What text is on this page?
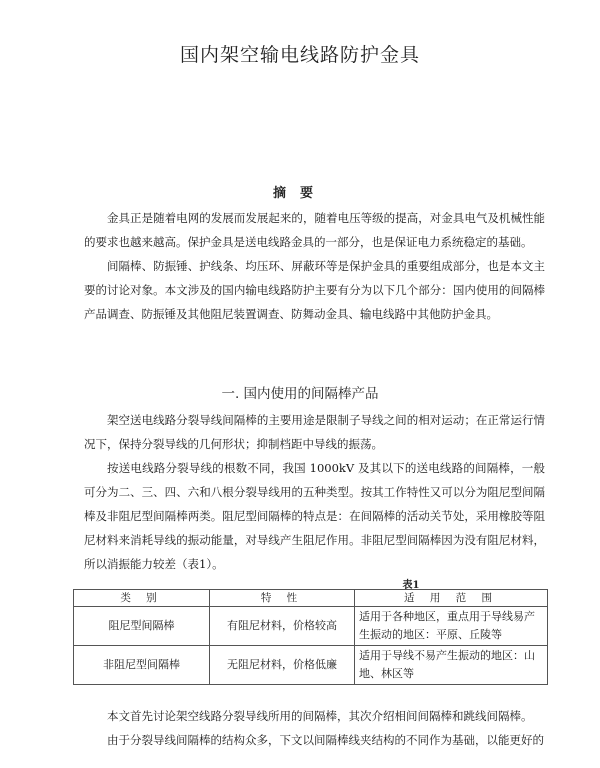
国内架空输电线路防护金具
摘要

金具正是随着电网的发展而发展起来的，随着电压等级的提高，对金具电气及机械性能的要求也越来越高。保护金具是送电线路金具的一部分，也是保证电力系统稳定的基础。

间隔棒、防振锤、护线条、均压环、屏蔽环等是保护金具的重要组成部分，也是本文主要的讨论对象。本文涉及的国内输电线路防护主要有分为以下几个部分：国内使用的间隔棒产品调查、防振锤及其他阻尼装置调查、防舞动金具、输电线路中其他防护金具。

一. 国内使用的间隔棒产品

架空送电线路分裂导线间隔棒的主要用途是限制子导线之间的相对运动；在正常运行情况下，保持分裂导线的几何形状；抑制档距中导线的振荡。

按送电线路分裂导线的根数不同，我国 1000kV 及其以下的送电线路的间隔棒，一般可分为二、三、四、六和八根分裂导线用的五种类型。按其工作特性又可以分为阻尼型间隔棒及非阻尼型间隔棒两类。阻尼型间隔棒的特点是：在间隔棒的活动关节处，采用橡胶等阻尼材料来消耗导线的振动能量，对导线产生阻尼作用。非阻尼型间隔棒因为没有阻尼材料，所以消振能力较差（表1）。

表1
类 别	特 性	适 用 范 围
阻尼型间隔棒	有阻尼材料，价格较高	适用于各种地区，重点用于导线易产生振动的地区：平原、丘陵等
非阻尼型间隔棒	无阻尼材料，价格低廉	适用于导线不易产生振动的地区：山地、林区等

本文首先讨论架空线路分裂导线所用的间隔棒，其次介绍相间间隔棒和跳线间隔棒。

由于分裂导线间隔棒的结构众多，下文以间隔棒线夹结构的不同作为基础，以能更好的
